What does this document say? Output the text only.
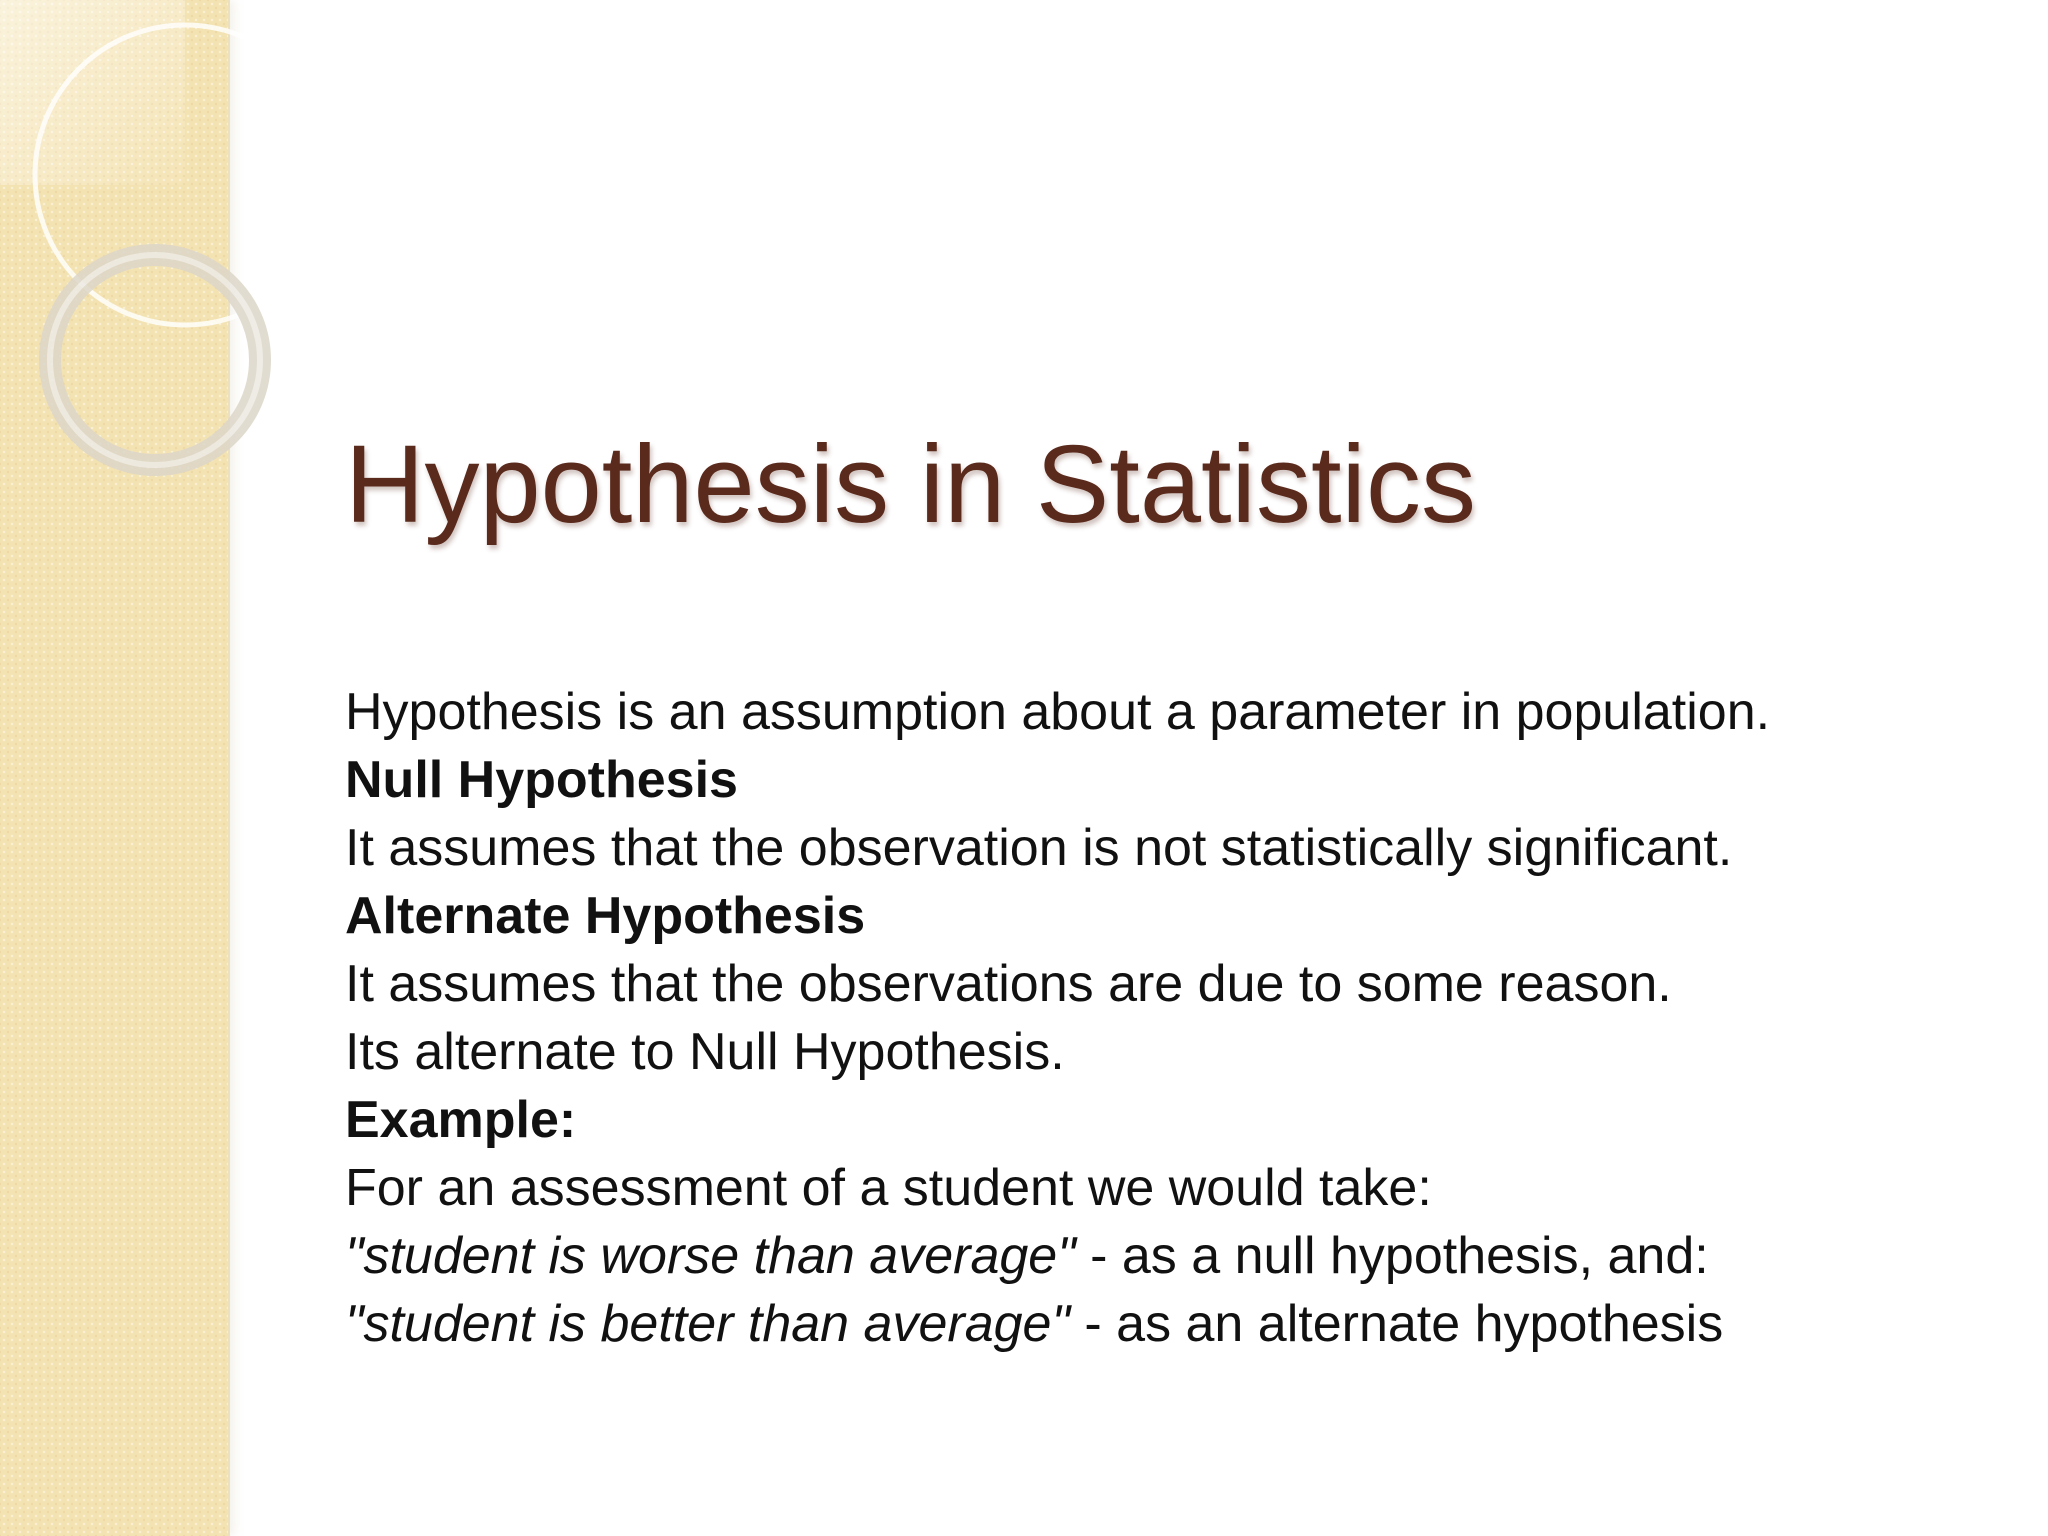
Hypothesis in Statistics
Hypothesis is an assumption about a parameter in population.
Null Hypothesis
It assumes that the observation is not statistically significant.
Alternate Hypothesis
It assumes that the observations are due to some reason.
Its alternate to Null Hypothesis.
Example:
For an assessment of a student we would take:
"student is worse than average" - as a null hypothesis, and:
"student is better than average" - as an alternate hypothesis
